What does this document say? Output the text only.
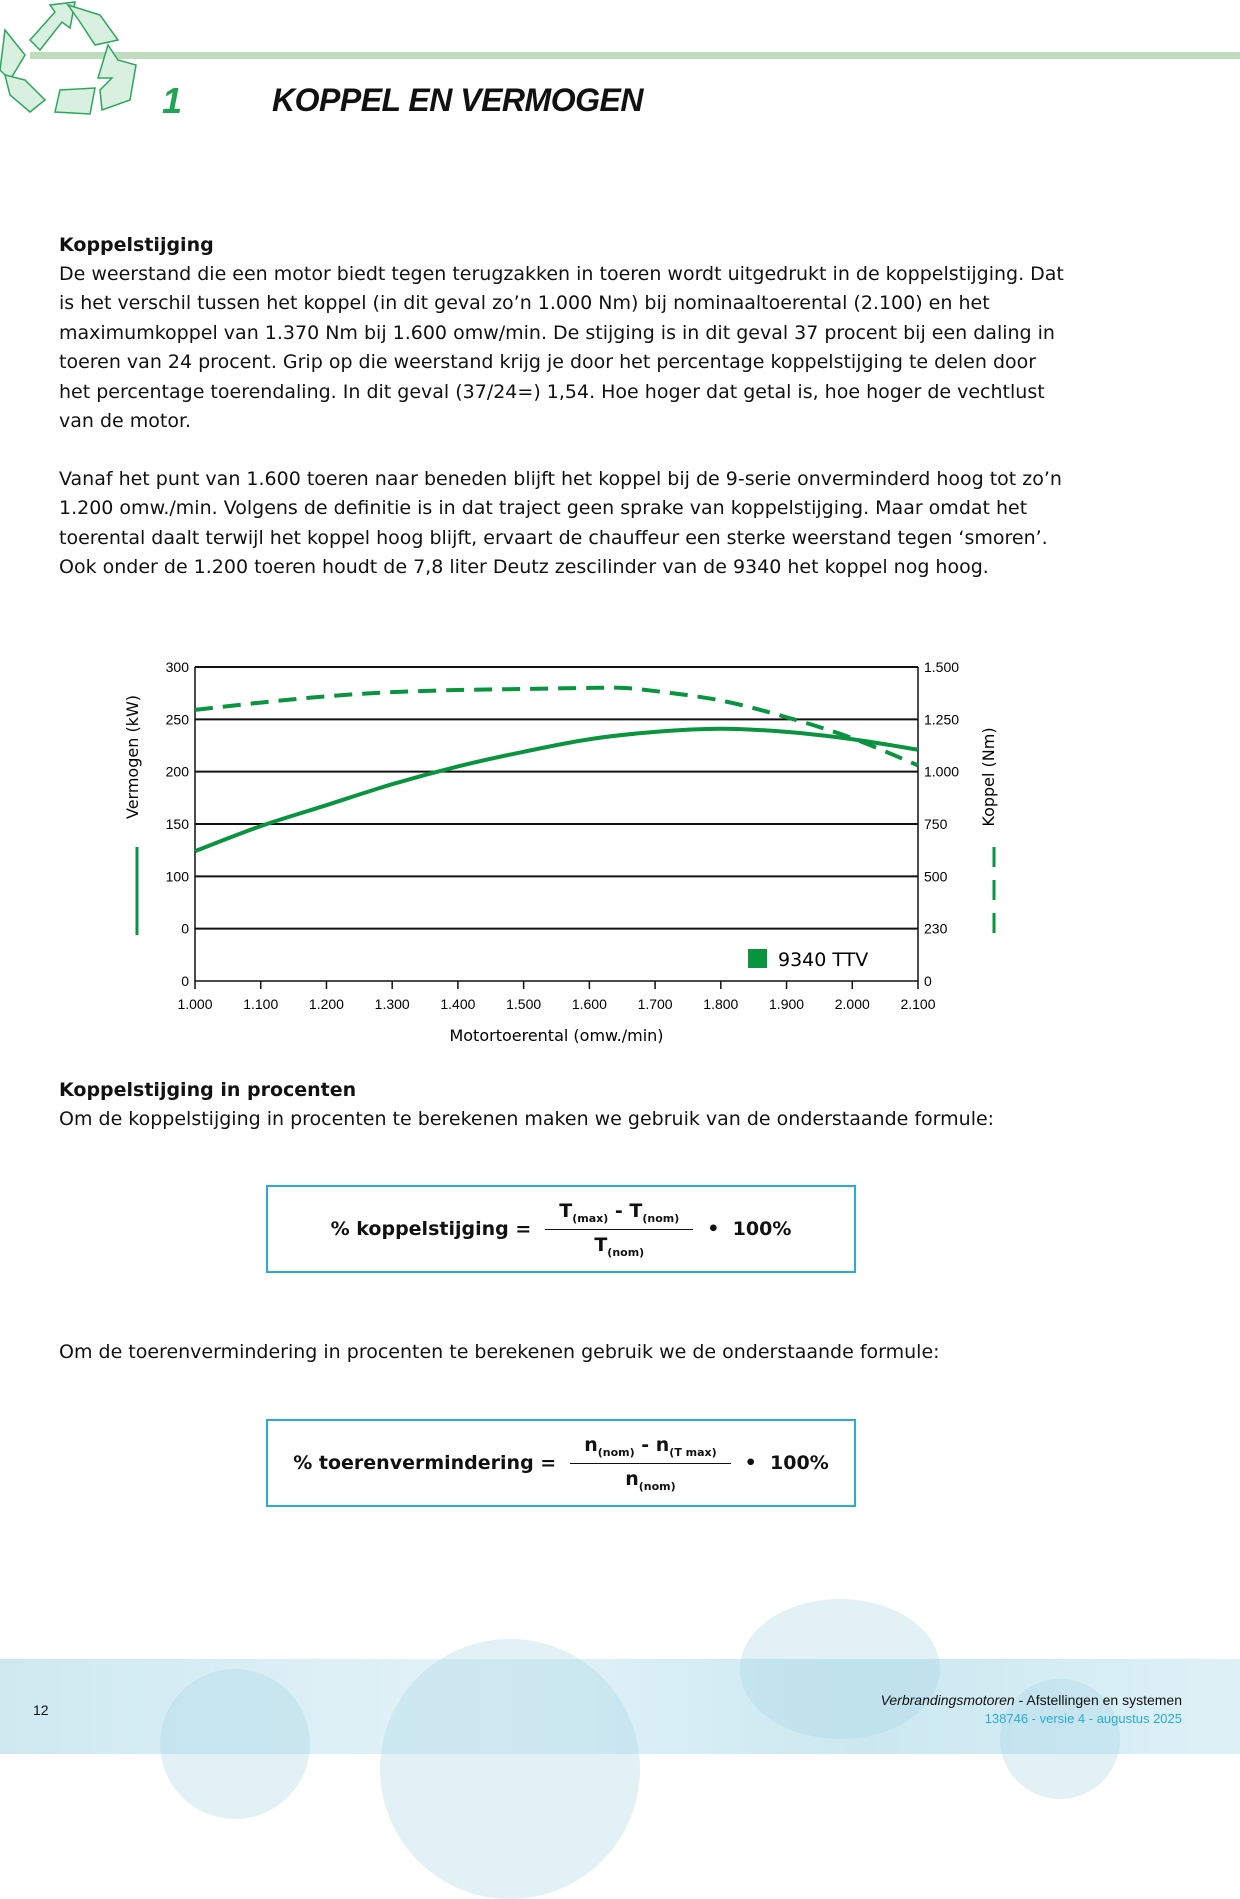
1	KOPPEL EN VERMOGEN
Koppelstijging
De weerstand die een motor biedt tegen terugzakken in toeren wordt uitgedrukt in de koppelstijging. Dat is het verschil tussen het koppel (in dit geval zo’n 1.000 Nm) bij nominaaltoerental (2.100) en het maximumkoppel van 1.370 Nm bij 1.600 omw/min. De stijging is in dit geval 37 procent bij een daling in toeren van 24 procent. Grip op die weerstand krijg je door het percentage koppelstijging te delen door het percentage toerendaling. In dit geval (37/24=) 1,54. Hoe hoger dat getal is, hoe hoger de vechtlust van de motor.
Vanaf het punt van 1.600 toeren naar beneden blijft het koppel bij de 9-serie onverminderd hoog tot zo’n 1.200 omw./min. Volgens de definitie is in dat traject geen sprake van koppelstijging. Maar omdat het toerental daalt terwijl het koppel hoog blijft, ervaart de chauffeur een sterke weerstand tegen ‘smoren’. Ook onder de 1.200 toeren houdt de 7,8 liter Deutz zescilinder van de 9340 het koppel nog hoog.
0	0
0	230
100	500
150	750
200	1.000
250	1.250
300	1.500
1.000 1.100 1.200 1.300 1.400 1.500 1.600 1.700 1.800 1.900 2.000 2.100
Motortoerental (omw./min)
Vermogen (kW)	Koppel (Nm)
9340 TTV
Koppelstijging in procenten
Om de koppelstijging in procenten te berekenen maken we gebruik van de onderstaande formule:
% koppelstijging = $\frac{T_{(max)} - T_{(nom)}}{T_{(nom)}}$ •  100%
Om de toerenvermindering in procenten te berekenen gebruik we de onderstaande formule:
% toerenvermindering = $\frac{n_{(nom)} - n_{(T max)}}{n_{(nom)}}$ •  100%
12
Verbrandingsmotoren - Afstellingen en systemen
138746 - versie 4 - augustus 2025
